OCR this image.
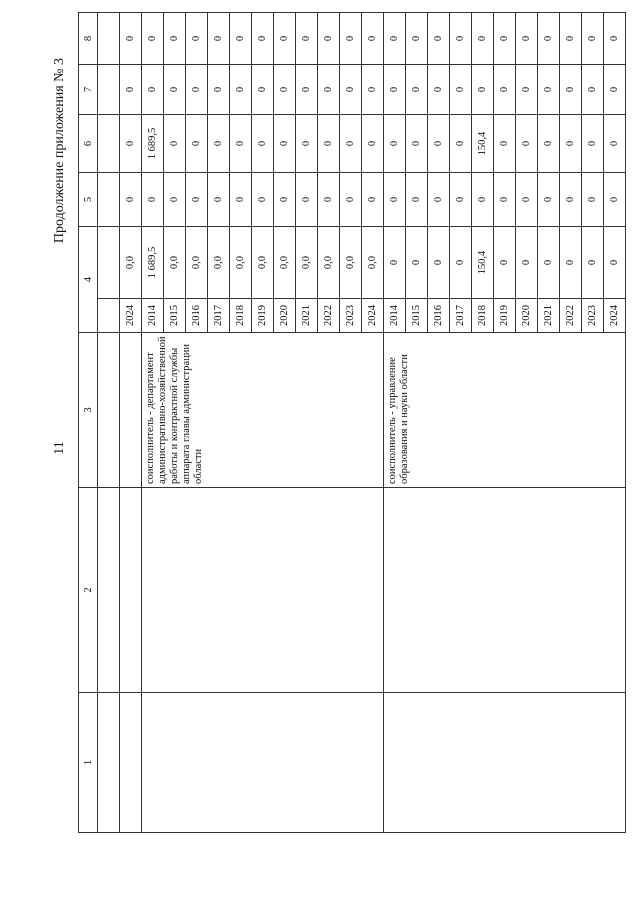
11
Продолжение приложения № 3
1	2	3	4		5	6	7	8

			2024	0,0	0	0	0	0
		соисполнитель - департамент административно-хозяйственной работы и контрактной службы аппарата главы администрации области	2014	1 689,5	0	1 689,5	0	0
			2015	0,0	0	0	0	0
			2016	0,0	0	0	0	0
			2017	0,0	0	0	0	0
			2018	0,0	0	0	0	0
			2019	0,0	0	0	0	0
			2020	0,0	0	0	0	0
			2021	0,0	0	0	0	0
			2022	0,0	0	0	0	0
			2023	0,0	0	0	0	0
			2024	0,0	0	0	0	0
		соисполнитель - управление образования и науки области	2014	0	0	0	0	0
			2015	0	0	0	0	0
			2016	0	0	0	0	0
			2017	0	0	0	0	0
			2018	150,4	0	150,4	0	0
			2019	0	0	0	0	0
			2020	0	0	0	0	0
			2021	0	0	0	0	0
			2022	0	0	0	0	0
			2023	0	0	0	0	0
			2024	0	0	0	0	0
